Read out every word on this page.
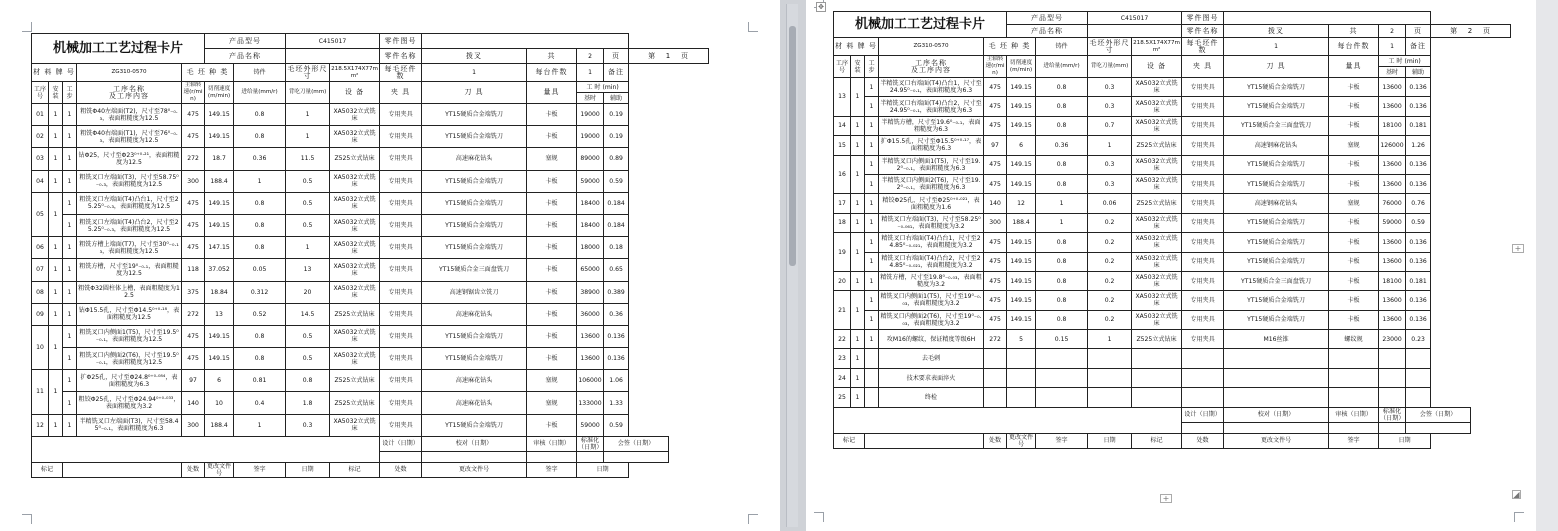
✥
+
+
◢
机械加工工艺过程卡片					产品型号		C415017		零件图号					
					产品名称				零件名称	拨叉	共	2	页	第 1 页
材 料 牌 号			ZG310-0570	毛 坯 种 类		铸件	毛坯外形尺寸	218.5X174X77mm²	每毛坯件数	1	每台件数	1	备注	
工序号	安装	工步	工序名称
及工序内容	主轴转速(r/min)	切削速度(m/min)	进给量(mm/r)	背吃刀量(mm)	设 备	夹 具	刀 具	量具	工 时 (min)		
												基时	辅助	
01	1	1	粗铣Φ40左端面(T2)，尺寸至78⁰₋₀.₃，表面粗糙度为12.5	475	149.15	0.8	1	XA5032立式铣床	专用夹具	YT15硬质合金端铣刀	卡板	19000	0.19	
02	1	1	粗铣Φ40右端面(T1)，尺寸至76⁰₋₀.₃，表面粗糙度为12.5	475	149.15	0.8	1	XA5032立式铣床	专用夹具	YT15硬质合金端铣刀	卡板	19000	0.19	
03	1	1	钻Φ25，尺寸至Φ23⁰⁺⁰·²¹，表面粗糙度为12.5	272	18.7	0.36	11.5	Z525立式钻床	专用夹具	高速麻花钻头	塞规	89000	0.89	
04	1	1	粗铣叉口左端面(T3)，尺寸至58.75⁰₋₀.₃，表面粗糙度为12.5	300	188.4	1	0.5	XA5032立式铣床	专用夹具	YT15硬质合金端铣刀	卡板	59000	0.59	
05	1	1	粗铣叉口左端面(T4)凸台1，尺寸至25.25⁰₋₀.₃，表面粗糙度为12.5	475	149.15	0.8	0.5	XA5032立式铣床	专用夹具	YT15硬质合金端铣刀	卡板	18400	0.184	
		1	粗铣叉口左端面(T4)凸台2，尺寸至25.25⁰₋₀.₃，表面粗糙度为12.5	475	149.15	0.8	0.5	XA5032立式铣床	专用夹具	YT15硬质合金端铣刀	卡板	18400	0.184	
06	1	1	粗铣方槽上端面(T7)，尺寸至30⁰₋₀.₁₃，表面粗糙度为12.5	475	147.15	0.8	1	XA5032立式铣床	专用夹具	YT15硬质合金端铣刀	卡板	18000	0.18	
07	1	1	粗铣方槽，尺寸至19⁰₋₀.₁，表面粗糙度为12.5	118	37.052	0.05	13	XA5032立式铣床	专用夹具	YT15硬质合金三面盘铣刀	卡板	65000	0.65	
08	1	1	粗铣Φ32圆柱体上槽，表面粗糙度为12.5	375	18.84	0.312	20	XA5032立式铣床	专用夹具	高速钢锯齿立铣刀	卡板	38900	0.389	
09	1	1	钻Φ15.5孔，尺寸至Φ14.5⁰⁺⁰·¹⁸，表面粗糙度为12.5	272	13	0.52	14.5	Z525立式钻床	专用夹具	高速麻花钻头	卡板	36000	0.36	
10	1	1	粗铣叉口内侧面1(T5)，尺寸至19.5⁰₋₀.₁，表面粗糙度为12.5	475	149.15	0.8	0.5	XA5032立式铣床	专用夹具	YT15硬质合金端铣刀	卡板	13600	0.136	
		1	粗铣叉口内侧面2(T6)，尺寸至19.5⁰₋₀.₁，表面粗糙度为12.5	475	149.15	0.8	0.5	XA5032立式铣床	专用夹具	YT15硬质合金端铣刀	卡板	13600	0.136	
11	1	1	扩Φ25孔，尺寸至Φ24.8⁰⁺⁰·⁰⁸⁴，表面粗糙度为6.3	97	6	0.81	0.8	Z525立式钻床	专用夹具	高速麻花钻头	塞规	106000	1.06	
		1	粗铰Φ25孔，尺寸至Φ24.94⁰⁺⁰·⁰³³，表面粗糙度为3.2	140	10	0.4	1.8	Z525立式钻床	专用夹具	高速麻花钻头	塞规	133000	1.33	
12	1	1	半精铣叉口左端面(T3)，尺寸至58.45⁰₋₀.₁，表面粗糙度为6.3	300	188.4	1	0.3	XA5032立式铣床	专用夹具	YT15硬质合金端铣刀	卡板	59000	0.59	
									设计（日期）	校对（日期）	审核（日期）	标准化（日期）	会签（日期）	

标记				处数	更改文件号	签字	日期	标记	处数	更改文件号	签字	日期		
机械加工工艺过程卡片					产品型号		C415017		零件图号					
					产品名称				零件名称	拨叉	共	2	页	第 2 页
材 料 牌 号			ZG310-0570	毛 坯 种 类		铸件	毛坯外形尺寸	218.5X174X77mm²	每毛坯件数	1	每台件数	1	备注	
工序号	安装	工步	工序名称
及工序内容	主轴转速(r/min)	切削速度(m/min)	进给量(mm/r)	背吃刀量(mm)	设 备	夹 具	刀 具	量具	工 时 (min)		
												基时	辅助	
13	1	1	半精铣叉口右端面(T4)凸台1，尺寸至24.95⁰₋₀.₁，表面粗糙度为6.3	475	149.15	0.8	0.3	XA5032立式铣床	专用夹具	YT15硬质合金端铣刀	卡板	13600	0.136	
		1	半精铣叉口右端面(T4)凸台2，尺寸至24.95⁰₋₀.₁，表面粗糙度为6.3	475	149.15	0.8	0.3	XA5032立式铣床	专用夹具	YT15硬质合金端铣刀	卡板	13600	0.136	
14	1	1	半精铣方槽，尺寸至19.6⁰₋₀.₁，表面粗糙度为6.3	475	149.15	0.8	0.7	XA5032立式铣床	专用夹具	YT15硬质合金三面盘铣刀	卡板	18100	0.181	
15	1	1	扩Φ15.5孔，尺寸至Φ15.5⁰⁺⁰·¹⁷，表面粗糙度为6.3	97	6	0.36	1	Z525立式钻床	专用夹具	高速钢麻花钻头	塞规	126000	1.26	
16	1	1	半精铣叉口内侧面1(T5)，尺寸至19.2⁰₋₀.₁，表面粗糙度为6.3	475	149.15	0.8	0.3	XA5032立式铣床	专用夹具	YT15硬质合金端铣刀	卡板	13600	0.136	
		1	半精铣叉口内侧面2(T6)，尺寸至19.2⁰₋₀.₁，表面粗糙度为6.3	475	149.15	0.8	0.3	XA5032立式铣床	专用夹具	YT15硬质合金端铣刀	卡板	13600	0.136	
17	1	1	精铰Φ25孔，尺寸至Φ25⁰⁺⁰·⁰²¹，表面粗糙度为1.6	140	12	1	0.06	Z525立式钻床	专用夹具	高速钢麻花钻头	塞规	76000	0.76	
18	1	1	精铣叉口左端面(T3)，尺寸至58.25⁰₋₀.₀₆₁，表面粗糙度为3.2	300	188.4	1	0.2	XA5032立式铣床	专用夹具	YT15硬质合金端铣刀	卡板	59000	0.59	
19	1	1	精铣叉口右端面(T4)凸台1，尺寸至24.85⁰₋₀.₀₂₁，表面粗糙度为3.2	475	149.15	0.8	0.2	XA5032立式铣床	专用夹具	YT15硬质合金端铣刀	卡板	13600	0.136	
		1	精铣叉口右端面(T4)凸台2，尺寸至24.85⁰₋₀.₀₂₁，表面粗糙度为3.2	475	149.15	0.8	0.2	XA5032立式铣床	专用夹具	YT15硬质合金端铣刀	卡板	13600	0.136	
20	1	1	精铣方槽，尺寸至19.8⁰₋₀.₀₃，表面粗糙度为3.2	475	149.15	0.8	0.2	XA5032立式铣床	专用夹具	YT15硬质合金三面盘铣刀	卡板	18100	0.181	
21	1	1	精铣叉口内侧面1(T5)，尺寸至19⁰₋₀.₀₃，表面粗糙度为3.2	475	149.15	0.8	0.2	XA5032立式铣床	专用夹具	YT15硬质合金端铣刀	卡板	13600	0.136	
		1	精铣叉口内侧面2(T6)，尺寸至19⁰₋₀.₀₃，表面粗糙度为3.2	475	149.15	0.8	0.2	XA5032立式铣床	专用夹具	YT15硬质合金端铣刀	卡板	13600	0.136	
22	1	1	攻M16的螺纹，保证精度等级6H	272	5	0.15	1	Z525立式钻床	专用夹具	M16丝锥	螺纹规	23000	0.23	
23	1		去毛刺											
24	1		技术要求表面淬火											
25	1		终检											
									设计（日期）	校对（日期）	审核（日期）	标准化（日期）	会签（日期）	

标记				处数	更改文件号	签字	日期	标记	处数	更改文件号	签字	日期		
